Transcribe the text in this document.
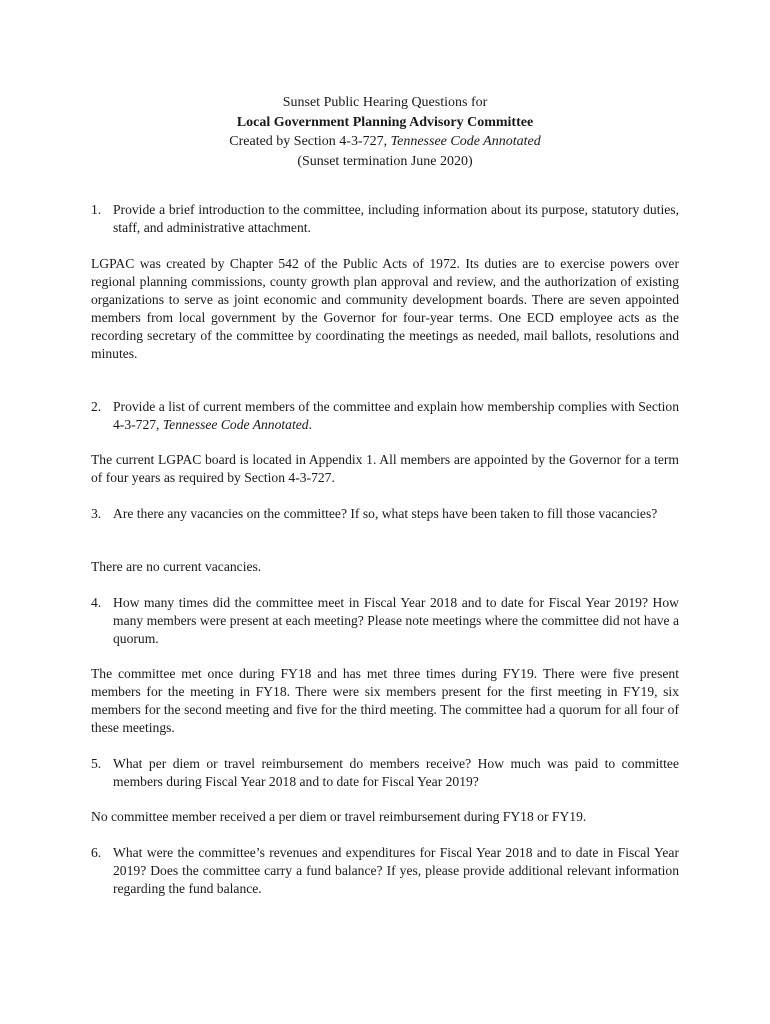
Sunset Public Hearing Questions for
Local Government Planning Advisory Committee
Created by Section 4-3-727, Tennessee Code Annotated
(Sunset termination June 2020)
1. Provide a brief introduction to the committee, including information about its purpose, statutory duties, staff, and administrative attachment.
LGPAC was created by Chapter 542 of the Public Acts of 1972. Its duties are to exercise powers over regional planning commissions, county growth plan approval and review, and the authorization of existing organizations to serve as joint economic and community development boards. There are seven appointed members from local government by the Governor for four-year terms. One ECD employee acts as the recording secretary of the committee by coordinating the meetings as needed, mail ballots, resolutions and minutes.
2. Provide a list of current members of the committee and explain how membership complies with Section 4-3-727, Tennessee Code Annotated.
The current LGPAC board is located in Appendix 1. All members are appointed by the Governor for a term of four years as required by Section 4-3-727.
3. Are there any vacancies on the committee? If so, what steps have been taken to fill those vacancies?
There are no current vacancies.
4. How many times did the committee meet in Fiscal Year 2018 and to date for Fiscal Year 2019? How many members were present at each meeting? Please note meetings where the committee did not have a quorum.
The committee met once during FY18 and has met three times during FY19. There were five present members for the meeting in FY18. There were six members present for the first meeting in FY19, six members for the second meeting and five for the third meeting. The committee had a quorum for all four of these meetings.
5. What per diem or travel reimbursement do members receive? How much was paid to committee members during Fiscal Year 2018 and to date for Fiscal Year 2019?
No committee member received a per diem or travel reimbursement during FY18 or FY19.
6. What were the committee’s revenues and expenditures for Fiscal Year 2018 and to date in Fiscal Year 2019? Does the committee carry a fund balance? If yes, please provide additional relevant information regarding the fund balance.
